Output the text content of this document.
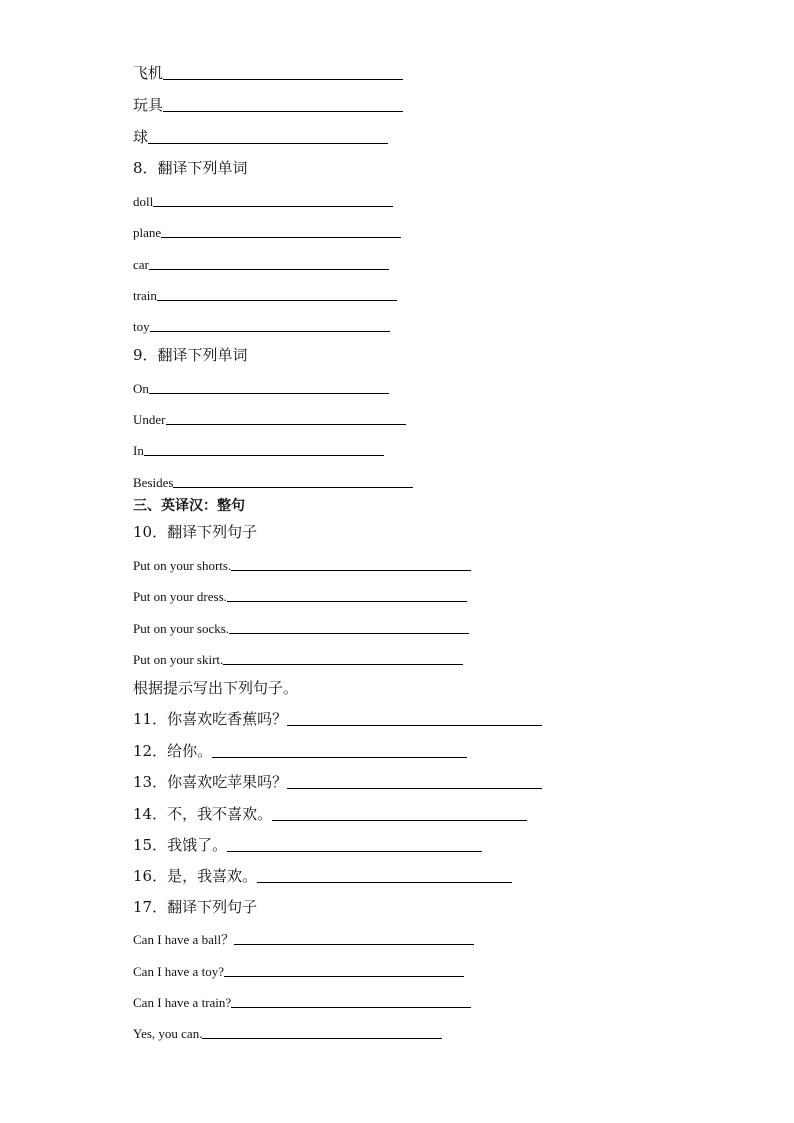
飞机
玩具
球
8．翻译下列单词
doll
plane
car
train
toy
9．翻译下列单词
On
Under
In
Besides
三、英译汉：整句
10．翻译下列句子
Put on your shorts.
Put on your dress.
Put on your socks.
Put on your skirt.
根据提示写出下列句子。
11．你喜欢吃香蕉吗？
12．给你。
13．你喜欢吃苹果吗？
14．不，我不喜欢。
15．我饿了。
16．是，我喜欢。
17．翻译下列句子
Can I have a ball？
Can I have a toy?
Can I have a train?
Yes, you can.
